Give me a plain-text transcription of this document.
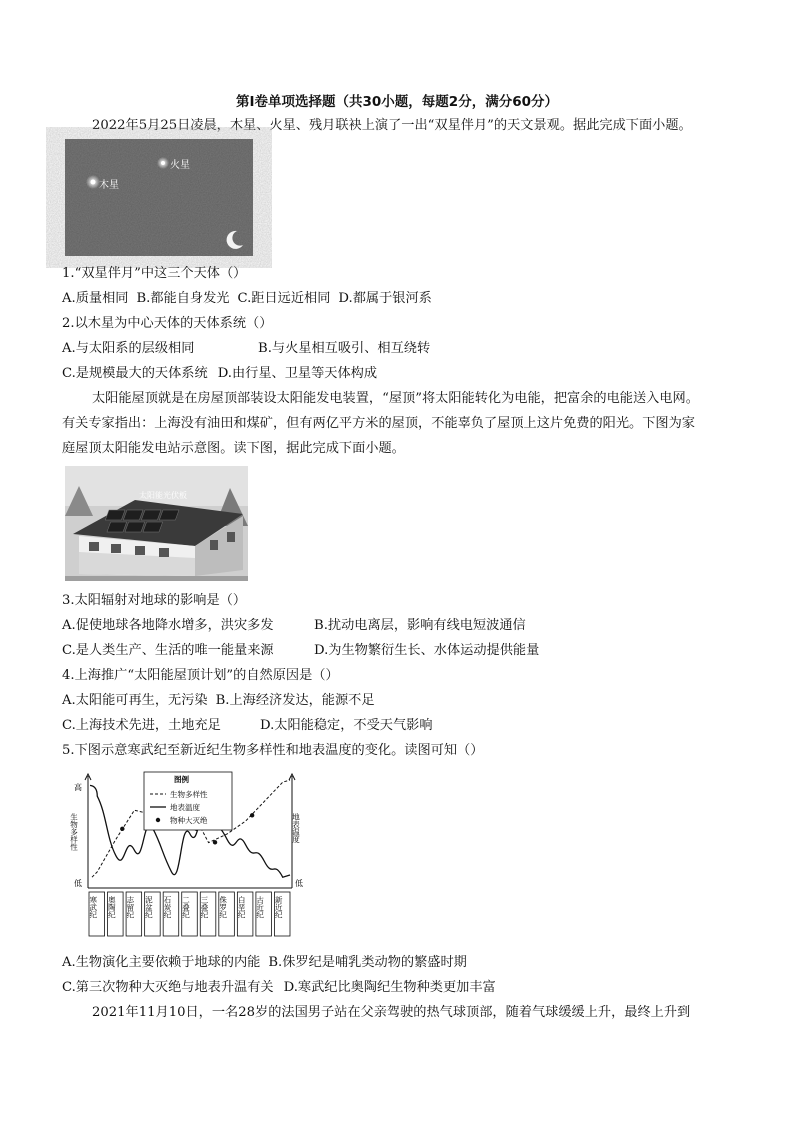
第Ⅰ卷单项选择题（共30小题，每题2分，满分60分）
2022年5月25日凌晨，木星、火星、残月联袂上演了一出“双星伴月”的天文景观。据此完成下面小题。
火星
木星
1.“双星伴月”中这三个天体（）
A.质量相同 B.都能自身发光 C.距日远近相同 D.都属于银河系
2.以木星为中心天体的天体系统（）
A.与太阳系的层级相同	B.与火星相互吸引、相互绕转
C.是规模最大的天体系统 D.由行星、卫星等天体构成
太阳能屋顶就是在房屋顶部装设太阳能发电装置，“屋顶”将太阳能转化为电能，把富余的电能送入电网。
有关专家指出：上海没有油田和煤矿，但有两亿平方米的屋顶，不能辜负了屋顶上这片免费的阳光。下图为家
庭屋顶太阳能发电站示意图。读下图，据此完成下面小题。
太阳能光伏板
3.太阳辐射对地球的影响是（）
A.促使地球各地降水增多，洪灾多发	B.扰动电离层，影响有线电短波通信
C.是人类生产、生活的唯一能量来源	D.为生物繁衍生长、水体运动提供能量
4.上海推广“太阳能屋顶计划”的自然原因是（）
A.太阳能可再生，无污染 B.上海经济发达，能源不足
C.上海技术先进，土地充足	D.太阳能稳定，不受天气影响
5.下图示意寒武纪至新近纪生物多样性和地表温度的变化。读图可知（）
高
低	低
生物多样性	地表温度
寒武纪 奥陶纪 志留纪 泥盆纪 石炭纪 二叠纪 三叠纪 侏罗纪 白垩纪 古近纪 新近纪
图例
生物多样性
地表温度
物种大灭绝
A.生物演化主要依赖于地球的内能 B.侏罗纪是哺乳类动物的繁盛时期
C.第三次物种大灭绝与地表升温有关 D.寒武纪比奥陶纪生物种类更加丰富
2021年11月10日，一名28岁的法国男子站在父亲驾驶的热气球顶部，随着气球缓缓上升，最终上升到
